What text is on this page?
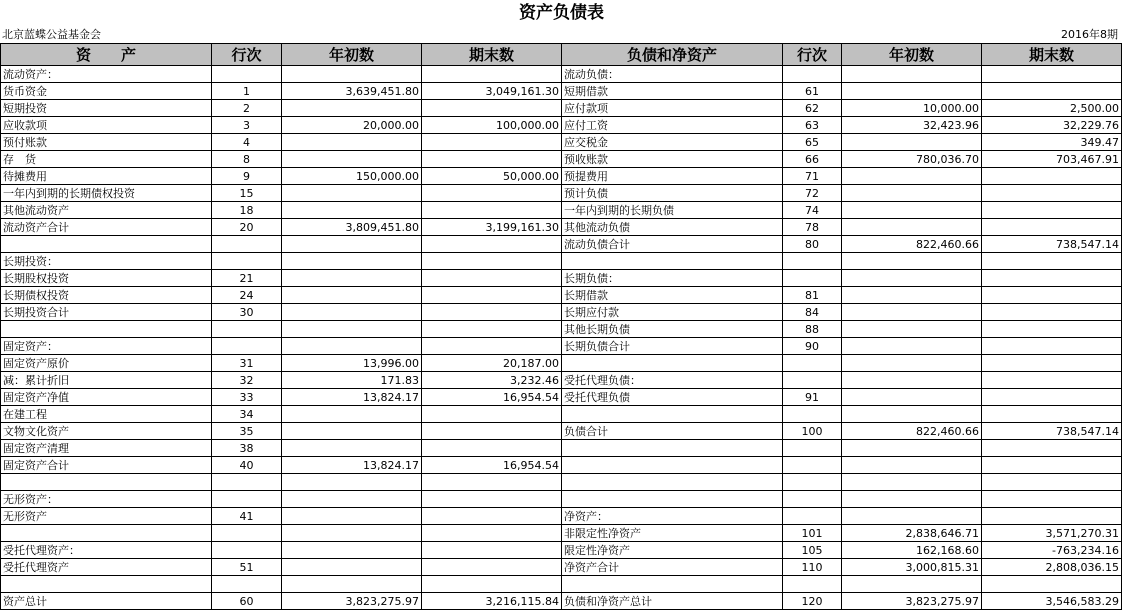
资产负债表
北京蓝蝶公益基金会	2016年8期
资　　产	行次	年初数	期末数	负债和净资产	行次	年初数	期末数
流动资产：				流动负债：			
货币资金	1	3,639,451.80	3,049,161.30	短期借款	61		
短期投资	2			应付款项	62	10,000.00	2,500.00
应收款项	3	20,000.00	100,000.00	应付工资	63	32,423.96	32,229.76
预付账款	4			应交税金	65		349.47
存　货	8			预收账款	66	780,036.70	703,467.91
待摊费用	9	150,000.00	50,000.00	预提费用	71		
一年内到期的长期债权投资	15			预计负债	72		
其他流动资产	18			一年内到期的长期负债	74		
流动资产合计	20	3,809,451.80	3,199,161.30	其他流动负债	78		
				流动负债合计	80	822,460.66	738,547.14
长期投资：							
长期股权投资	21			长期负债：			
长期债权投资	24			长期借款	81		
长期投资合计	30			长期应付款	84		
				其他长期负债	88		
固定资产：				长期负债合计	90		
固定资产原价	31	13,996.00	20,187.00				
减：累计折旧	32	171.83	3,232.46	受托代理负债：			
固定资产净值	33	13,824.17	16,954.54	受托代理负债	91		
在建工程	34						
文物文化资产	35			负债合计	100	822,460.66	738,547.14
固定资产清理	38						
固定资产合计	40	13,824.17	16,954.54				

无形资产：							
无形资产	41			净资产：			
				非限定性净资产	101	2,838,646.71	3,571,270.31
受托代理资产：				限定性净资产	105	162,168.60	-763,234.16
受托代理资产	51			净资产合计	110	3,000,815.31	2,808,036.15

资产总计	60	3,823,275.97	3,216,115.84	负债和净资产总计	120	3,823,275.97	3,546,583.29
